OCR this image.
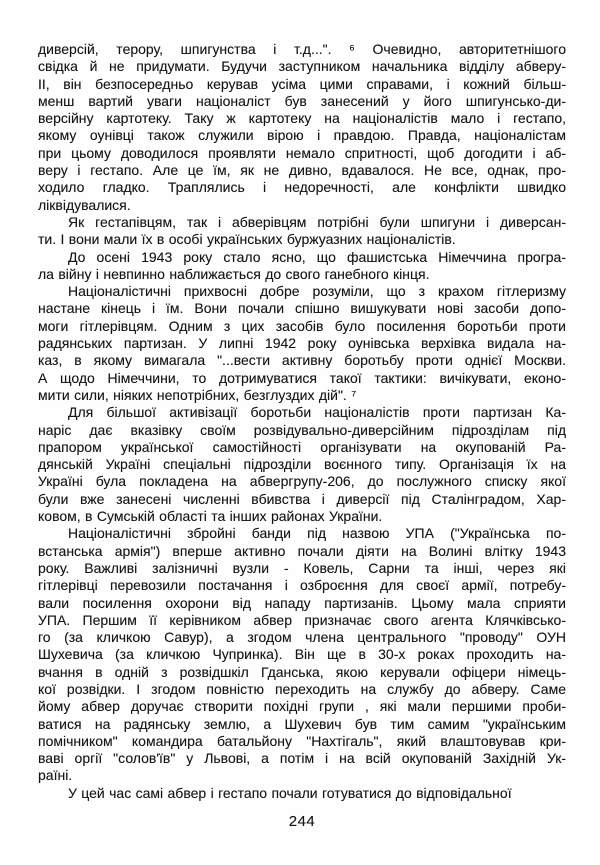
диверсій, терору, шпигунства і т.д...". ⁶ Очевидно, авторитетнішого
свідка й не придумати. Будучи заступником начальника відділу абверу-
ІІ, він безпосередньо керував усіма цими справами, і кожний більш-
менш вартий уваги націоналіст був занесений у його шпигунсько-ди-
версійну картотеку. Таку ж картотеку на націоналістів мало і гестапо,
якому оунівці також служили вірою і правдою. Правда, націоналістам
при цьому доводилося проявляти немало спритності, щоб догодити і аб-
веру і гестапо. Але це їм, як не дивно, вдавалося. Не все, однак, про-
ходило гладко. Траплялись і недоречності, але конфлікти швидко
ліквідувалися.
Як гестапівцям, так і абверівцям потрібні були шпигуни і диверсан-
ти. І вони мали їх в особі українських буржуазних націоналістів.
До осені 1943 року стало ясно, що фашистська Німеччина програ-
ла війну і невпинно наближається до свого ганебного кінця.
Націоналістичні прихвосні добре розуміли, що з крахом гітлеризму
настане кінець і їм. Вони почали спішно вишукувати нові засоби допо-
моги гітлерівцям. Одним з цих засобів було посилення боротьби проти
радянських партизан. У липні 1942 року оунівська верхівка видала на-
каз, в якому вимагала "...вести активну боротьбу проти однієї Москви.
А щодо Німеччини, то дотримуватися такої тактики: вичікувати, еконо-
мити сили, ніяких непотрібних, безглуздих дій". ⁷
Для більшої активізації боротьби націоналістів проти партизан Ка-
наріс дає вказівку своїм розвідувально-диверсійним підрозділам під
прапором української самостійності організувати на окупованій Ра-
дянській Україні спеціальні підрозділи воєнного типу. Організація їх на
Україні була покладена на абвергрупу-206, до послужного списку якої
були вже занесені численні вбивства і диверсії під Сталінградом, Хар-
ковом, в Сумській області та інших районах України.
Націоналістичні збройні банди під назвою УПА ("Українська по-
встанська армія") вперше активно почали діяти на Волині влітку 1943
року. Важливі залізничні вузли - Ковель, Сарни та інші, через які
гітлерівці перевозили постачання і озброєння для своєї армії, потребу-
вали посилення охорони від нападу партизанів. Цьому мала сприяти
УПА. Першим її керівником абвер призначає свого агента Клячківсько-
го (за кличкою Савур), а згодом члена центрального "проводу" ОУН
Шухевича (за кличкою Чупринка). Він ще в 30-х роках проходить на-
вчання в одній з розвідшкіл Гданська, якою керували офіцери німець-
кої розвідки. І згодом повністю переходить на службу до абверу. Саме
йому абвер доручає створити похідні групи , які мали першими проби-
ватися на радянську землю, а Шухевич був тим самим "українським
помічником" командира батальйону "Нахтігаль", який влаштовував кри-
ваві оргії "солов'їв" у Львові, а потім і на всій окупованій Західній Ук-
раїні.
У цей час самі абвер і гестапо почали готуватися до відповідальної
244
